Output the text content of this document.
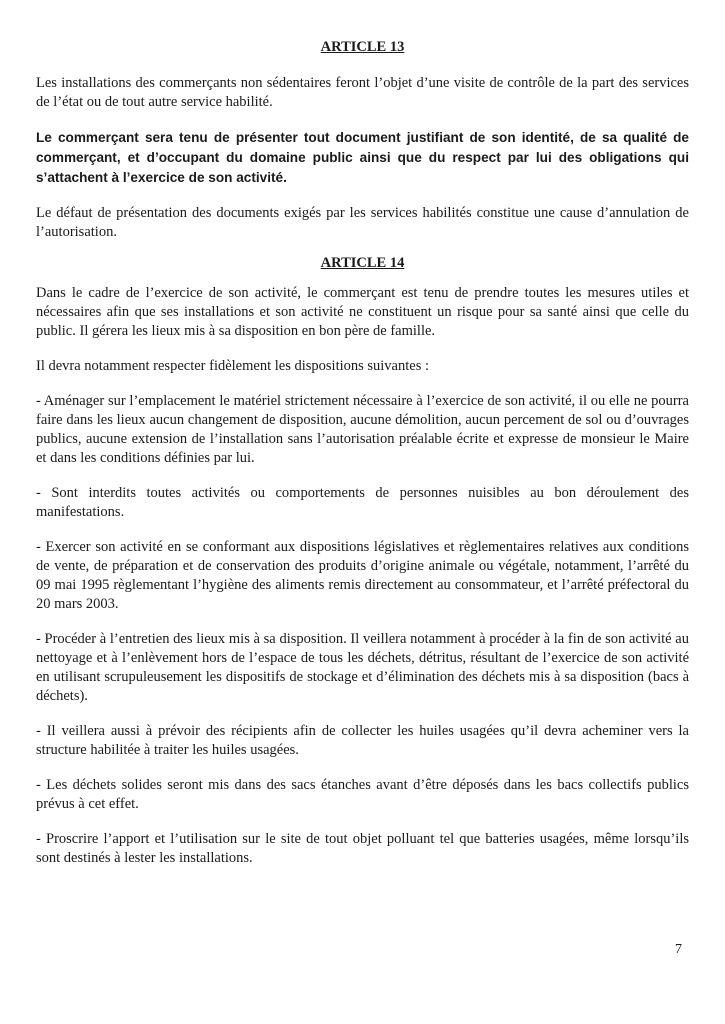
ARTICLE 13

Les installations des commerçants non sédentaires feront l’objet d’une visite de contrôle de la part des services de l’état ou de tout autre service habilité.

Le commerçant sera tenu de présenter tout document justifiant de son identité, de sa qualité de commerçant, et d’occupant du domaine public ainsi que du respect par lui des obligations qui s’attachent à l’exercice de son activité.

Le défaut de présentation des documents exigés par les services habilités constitue une cause d’annulation de l’autorisation.

ARTICLE 14

Dans le cadre de l’exercice de son activité, le commerçant est tenu de prendre toutes les mesures utiles et nécessaires afin que ses installations et son activité ne constituent un risque pour sa santé ainsi que celle du public. Il gérera les lieux mis à sa disposition en bon père de famille.

Il devra notamment respecter fidèlement les dispositions suivantes :

- Aménager sur l’emplacement le matériel strictement nécessaire à l’exercice de son activité, il ou elle ne pourra faire dans les lieux aucun changement de disposition, aucune démolition, aucun percement de sol ou d’ouvrages publics, aucune extension de l’installation sans l’autorisation préalable écrite et expresse de monsieur le Maire et dans les conditions définies par lui.

- Sont interdits toutes activités ou comportements de personnes nuisibles au bon déroulement des manifestations.

- Exercer son activité en se conformant aux dispositions législatives et règlementaires relatives aux conditions de vente, de préparation et de conservation des produits d’origine animale ou végétale, notamment, l’arrêté du 09 mai 1995 règlementant l’hygiène des aliments remis directement au consommateur, et l’arrêté préfectoral du 20 mars 2003.

- Procéder à l’entretien des lieux mis à sa disposition. Il veillera notamment à procéder à la fin de son activité au nettoyage et à l’enlèvement hors de l’espace de tous les déchets, détritus, résultant de l’exercice de son activité en utilisant scrupuleusement les dispositifs de stockage et d’élimination des déchets mis à sa disposition (bacs à déchets).

- Il veillera aussi à prévoir des récipients afin de collecter les huiles usagées qu’il devra acheminer vers la structure habilitée à traiter les huiles usagées.

- Les déchets solides seront mis dans des sacs étanches avant d’être déposés dans les bacs collectifs publics prévus à cet effet.

- Proscrire l’apport et l’utilisation sur le site de tout objet polluant tel que batteries usagées, même lorsqu’ils sont destinés à lester les installations.

7
